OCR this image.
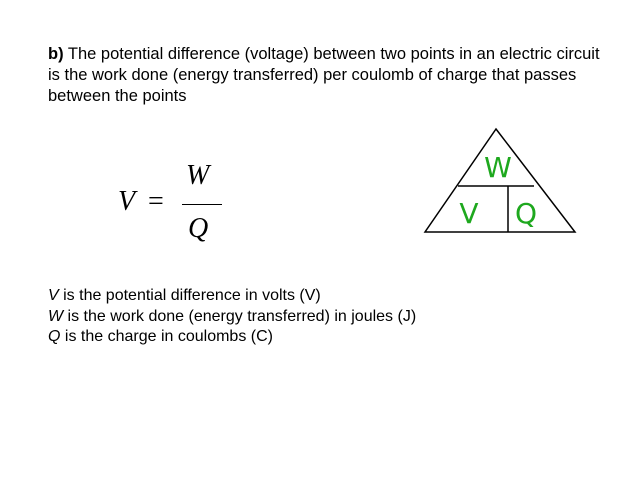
b) The potential difference (voltage) between two points in an electric circuit is the work done (energy transferred) per coulomb of charge that passes between the points
V =
W
Q
W
V Q
V is the potential difference in volts (V)
W is the work done (energy transferred) in joules (J)
Q is the charge in coulombs (C)
